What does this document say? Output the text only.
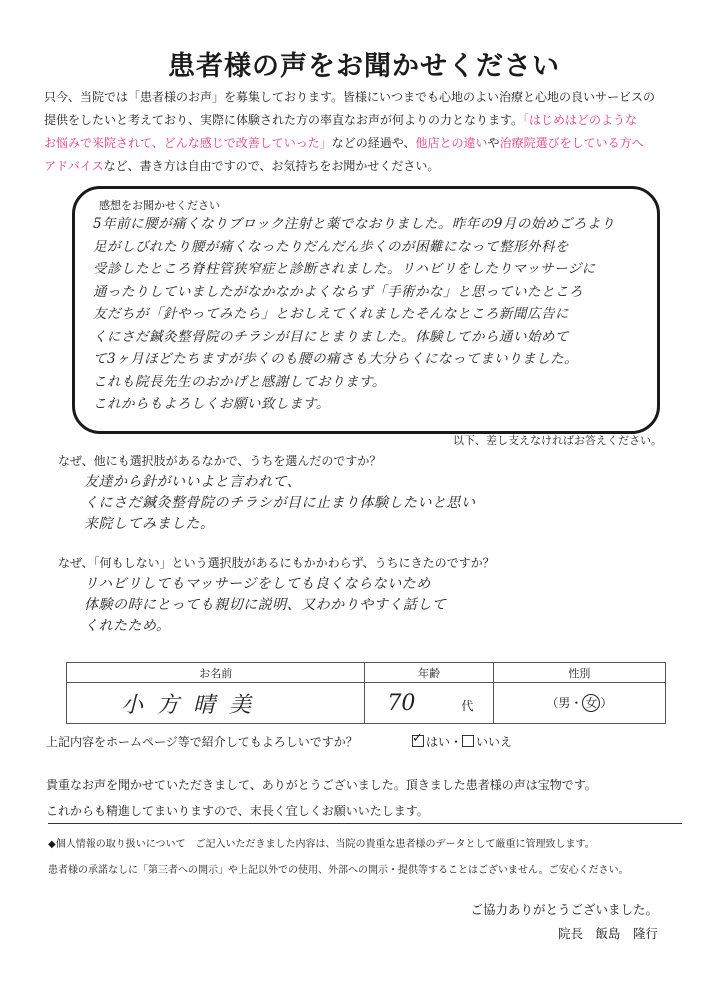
患者様の声をお聞かせください
只今、当院では「患者様のお声」を募集しております。皆様にいつまでも心地のよい治療と心地の良いサービスの
提供をしたいと考えており、実際に体験された方の率直なお声が何よりの力となります。「はじめはどのような
お悩みで来院されて、どんな感じで改善していった」などの経過や、他店との違いや治療院選びをしている方へ
アドバイスなど、書き方は自由ですので、お気持ちをお聞かせください。
感想をお聞かせください
5年前に腰が痛くなりブロック注射と薬でなおりました。昨年の9月の始めごろより
足がしびれたり腰が痛くなったりだんだん歩くのが困難になって整形外科を
受診したところ脊柱管狭窄症と診断されました。リハビリをしたりマッサージに
通ったりしていましたがなかなかよくならず「手術かな」と思っていたところ
友だちが「針やってみたら」とおしえてくれましたそんなところ新聞広告に
くにさだ鍼灸整骨院のチラシが目にとまりました。体験してから通い始めて
て3ヶ月ほどたちますが歩くのも腰の痛さも大分らくになってまいりました。
これも院長先生のおかげと感謝しております。
これからもよろしくお願い致します。
以下、差し支えなければお答えください。
なぜ、他にも選択肢があるなかで、うちを選んだのですか？
友達から針がいいよと言われて、
くにさだ鍼灸整骨院のチラシが目に止まり体験したいと思い
来院してみました。
なぜ、「何もしない」という選択肢があるにもかかわらず、うちにきたのですか？
リハビリしてもマッサージをしても良くならないため
体験の時にとっても親切に説明、又わかりやすく話して
くれたため。
お名前	年齢	性別
小方晴美	70 代	（男・ 女 ）
上記内容をホームページ等で紹介してもよろしいですか？ ✓	はい・ いいえ
貴重なお声を聞かせていただきまして、ありがとうございました。頂きました患者様の声は宝物です。
これからも精進してまいりますので、末長く宜しくお願いいたします。
◆個人情報の取り扱いについて　ご記入いただきました内容は、当院の貴重な患者様のデータとして厳重に管理致します。
患者様の承諾なしに「第三者への開示」や上記以外での使用、外部への開示・提供等することはございません。ご安心ください。
ご協力ありがとうございました。
院長　飯島　隆行
